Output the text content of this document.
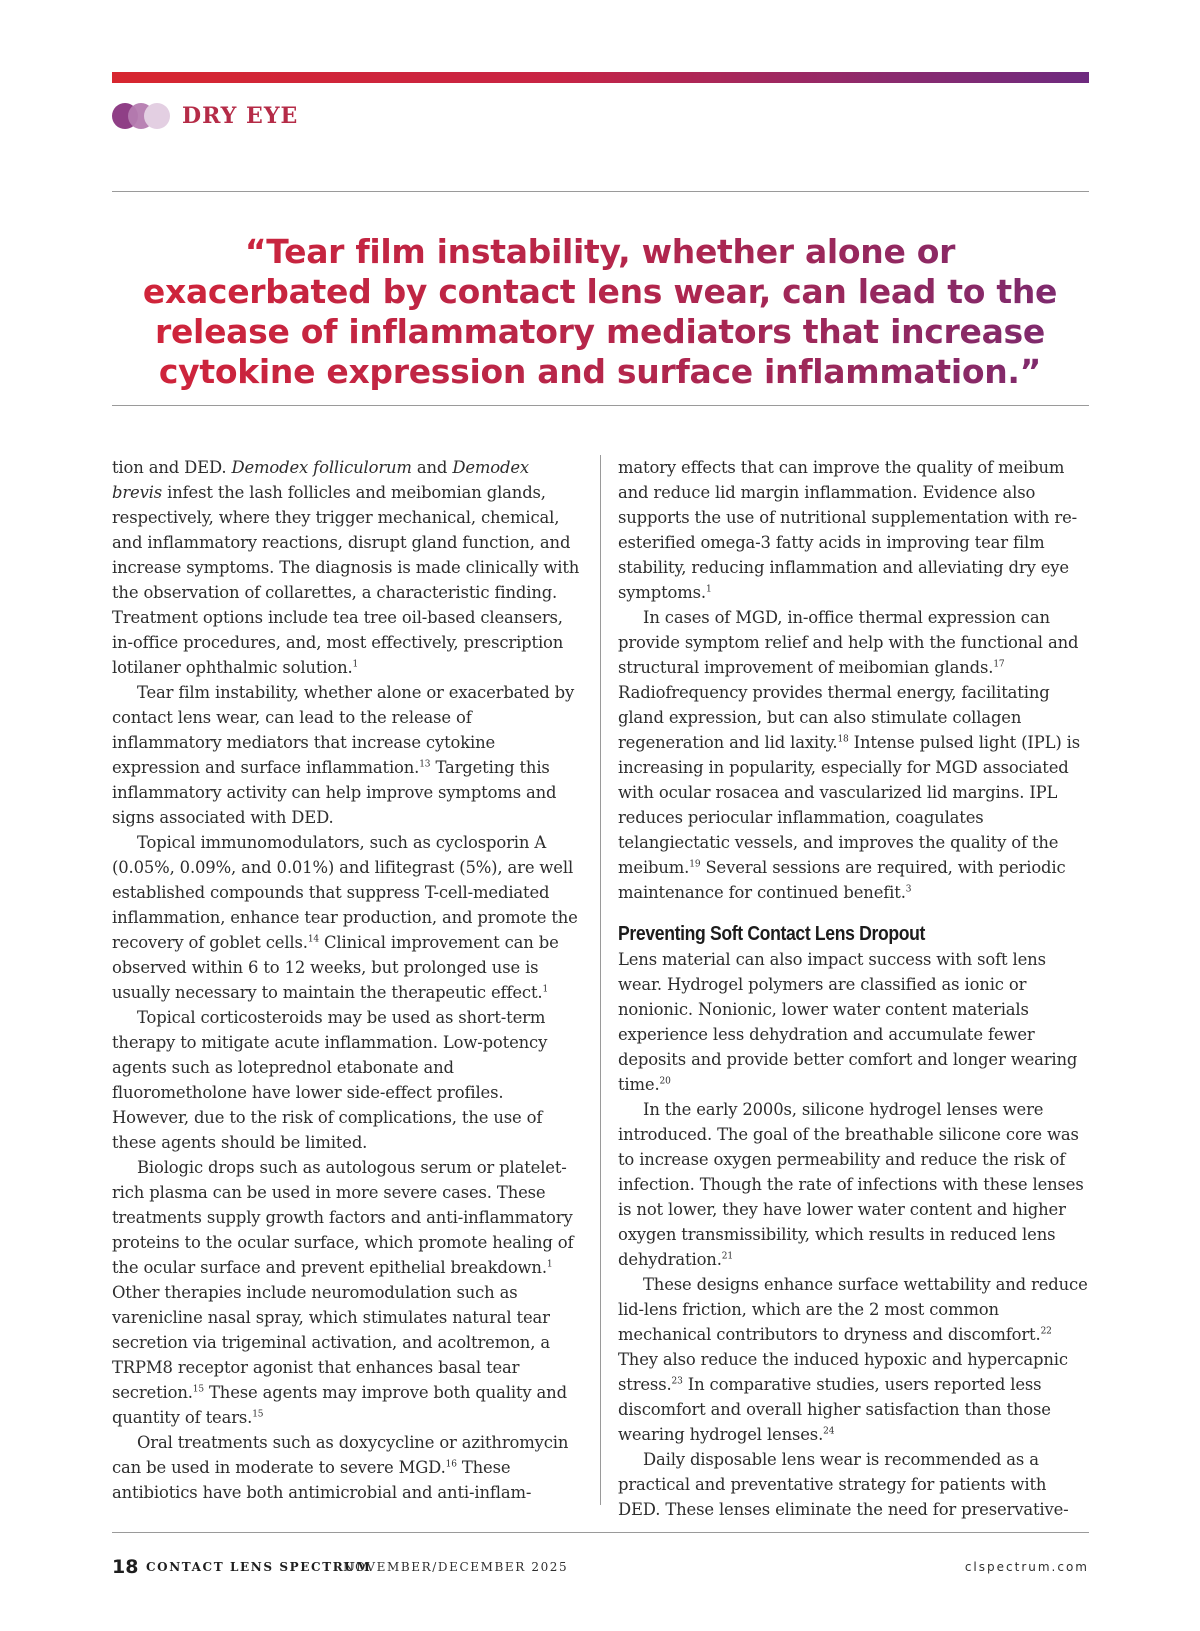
DRY EYE

“Tear film instability, whether alone or exacerbated by contact lens wear, can lead to the release of inflammatory mediators that increase cytokine expression and surface inflammation.”

tion and DED. Demodex folliculorum and Demodex brevis infest the lash follicles and meibomian glands, respectively, where they trigger mechanical, chemical, and inflammatory reactions, disrupt gland function, and increase symptoms. The diagnosis is made clinically with the observation of collarettes, a characteristic finding. Treatment options include tea tree oil-based cleansers, in-office procedures, and, most effectively, prescription lotilaner ophthalmic solution.$^1$

Tear film instability, whether alone or exacerbated by contact lens wear, can lead to the release of inflammatory mediators that increase cytokine expression and surface inflammation.$^{13}$ Targeting this inflammatory activity can help improve symptoms and signs associated with DED.

Topical immunomodulators, such as cyclosporin A (0.05%, 0.09%, and 0.01%) and lifitegrast (5%), are well established compounds that suppress T-cell-mediated inflammation, enhance tear production, and promote the recovery of goblet cells.$^{14}$ Clinical improvement can be observed within 6 to 12 weeks, but prolonged use is usually necessary to maintain the therapeutic effect.$^1$

Topical corticosteroids may be used as short-term therapy to mitigate acute inflammation. Low-potency agents such as loteprednol etabonate and fluorometholone have lower side-effect profiles. However, due to the risk of complications, the use of these agents should be limited.

Biologic drops such as autologous serum or platelet-rich plasma can be used in more severe cases. These treatments supply growth factors and anti-inflammatory proteins to the ocular surface, which promote healing of the ocular surface and prevent epithelial breakdown.$^1$ Other therapies include neuromodulation such as varenicline nasal spray, which stimulates natural tear secretion via trigeminal activation, and acoltremon, a TRPM8 receptor agonist that enhances basal tear secretion.$^{15}$ These agents may improve both quality and quantity of tears.$^{15}$

Oral treatments such as doxycycline or azithromycin can be used in moderate to severe MGD.$^{16}$ These antibiotics have both antimicrobial and anti-inflam-

matory effects that can improve the quality of meibum and reduce lid margin inflammation. Evidence also supports the use of nutritional supplementation with re-esterified omega-3 fatty acids in improving tear film stability, reducing inflammation and alleviating dry eye symptoms.$^1$

In cases of MGD, in-office thermal expression can provide symptom relief and help with the functional and structural improvement of meibomian glands.$^{17}$ Radiofrequency provides thermal energy, facilitating gland expression, but can also stimulate collagen regeneration and lid laxity.$^{18}$ Intense pulsed light (IPL) is increasing in popularity, especially for MGD associated with ocular rosacea and vascularized lid margins. IPL reduces periocular inflammation, coagulates telangiectatic vessels, and improves the quality of the meibum.$^{19}$ Several sessions are required, with periodic maintenance for continued benefit.$^3$

Preventing Soft Contact Lens Dropout

Lens material can also impact success with soft lens wear. Hydrogel polymers are classified as ionic or nonionic. Nonionic, lower water content materials experience less dehydration and accumulate fewer deposits and provide better comfort and longer wearing time.$^{20}$

In the early 2000s, silicone hydrogel lenses were introduced. The goal of the breathable silicone core was to increase oxygen permeability and reduce the risk of infection. Though the rate of infections with these lenses is not lower, they have lower water content and higher oxygen transmissibility, which results in reduced lens dehydration.$^{21}$

These designs enhance surface wettability and reduce lid-lens friction, which are the 2 most common mechanical contributors to dryness and discomfort.$^{22}$ They also reduce the induced hypoxic and hypercapnic stress.$^{23}$ In comparative studies, users reported less discomfort and overall higher satisfaction than those wearing hydrogel lenses.$^{24}$

Daily disposable lens wear is recommended as a practical and preventative strategy for patients with DED. These lenses eliminate the need for preservative-

18 CONTACT LENS SPECTRUM
NOVEMBER/DECEMBER 2025	clspectrum.com
